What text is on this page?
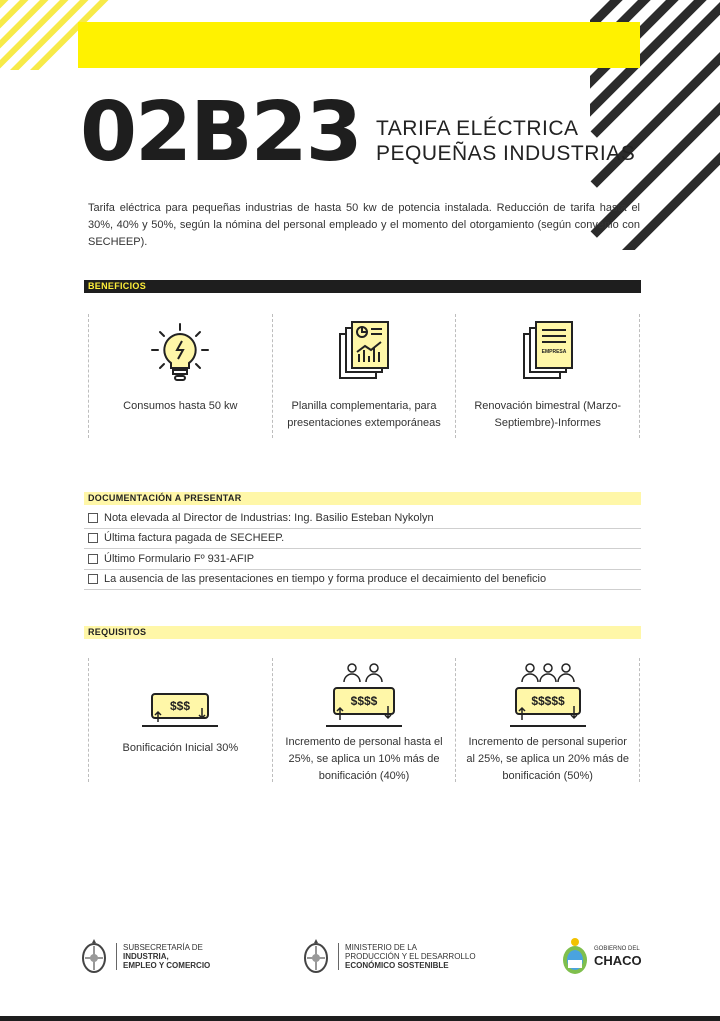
02B23 TARIFA ELÉCTRICA
PEQUEÑAS INDUSTRIAS

Tarifa eléctrica para pequeñas industrias de hasta 50 kw de potencia instalada. Reducción de tarifa hasta el 30%, 40% y 50%, según la nómina del personal empleado y el momento del otorgamiento (según convenio con SECHEEP).

BENEFICIOS
Consumos hasta 50 kw	Planilla complementaria, para presentaciones extemporáneas
EMPRESA
Renovación bimestral (Marzo-Septiembre)-Informes
DOCUMENTACIÓN A PRESENTAR
Nota elevada al Director de Industrias: Ing. Basilio Esteban Nykolyn
Última factura pagada de SECHEEP.
Último Formulario Fº 931-AFIP
La ausencia de las presentaciones en tiempo y forma produce el decaimiento del beneficio
REQUISITOS
$$$
Bonificación Inicial 30%
$$$$
Incremento de personal hasta el 25%, se aplica un 10% más de bonificación (40%)
$$$$$
Incremento de personal superior al 25%, se aplica un 20% más de bonificación (50%)
SUBSECRETARÍA DE
INDUSTRIA,
EMPLEO Y COMERCIO
MINISTERIO DE LA
PRODUCCIÓN Y EL DESARROLLO
ECONÓMICO SOSTENIBLE
GOBIERNO DEL
CHACO
